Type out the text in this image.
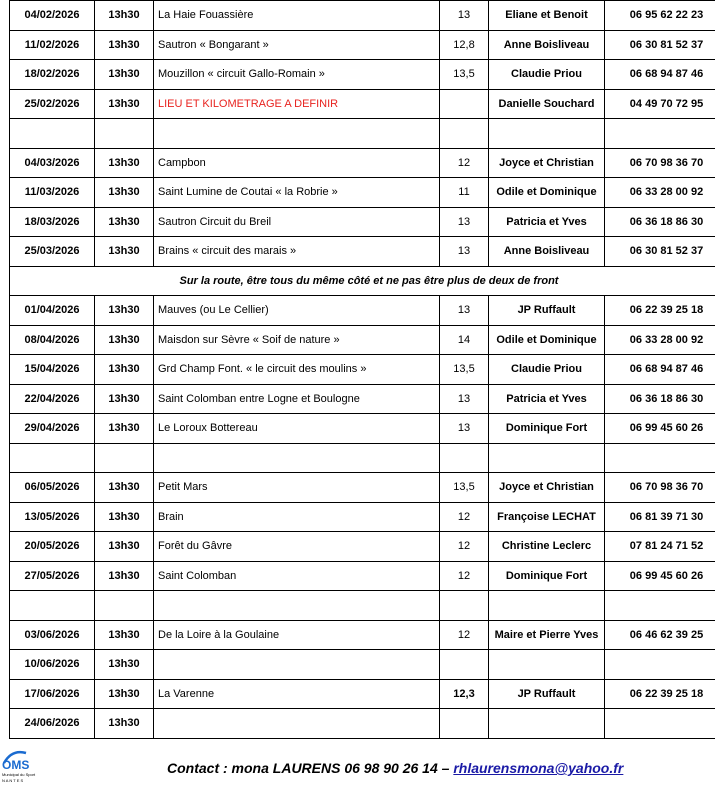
04/02/2026	13h30	La Haie Fouassière	13	Eliane et Benoit	06 95 62 22 23
11/02/2026	13h30	Sautron « Bongarant »	12,8	Anne Boisliveau	06 30 81 52 37
18/02/2026	13h30	Mouzillon « circuit Gallo-Romain »	13,5	Claudie Priou	06 68 94 87 46
25/02/2026	13h30	LIEU ET KILOMETRAGE A DEFINIR		Danielle Souchard	04 49 70 72 95

04/03/2026	13h30	Campbon	12	Joyce et Christian	06 70 98 36 70
11/03/2026	13h30	Saint Lumine de Coutai « la Robrie »	11	Odile et Dominique	06 33 28 00 92
18/03/2026	13h30	Sautron Circuit du Breil	13	Patricia et Yves	06 36 18 86 30
25/03/2026	13h30	Brains « circuit des marais »	13	Anne Boisliveau	06 30 81 52 37
Sur la route, être tous du même côté et ne pas être plus de deux de front					
01/04/2026	13h30	Mauves (ou Le Cellier)	13	JP Ruffault	06 22 39 25 18
08/04/2026	13h30	Maisdon sur Sèvre « Soif de nature »	14	Odile et Dominique	06 33 28 00 92
15/04/2026	13h30	Grd Champ Font. « le circuit des moulins »	13,5	Claudie Priou	06 68 94 87 46
22/04/2026	13h30	Saint Colomban entre Logne et Boulogne	13	Patricia et Yves	06 36 18 86 30
29/04/2026	13h30	Le Loroux Bottereau	13	Dominique Fort	06 99 45 60 26

06/05/2026	13h30	Petit Mars	13,5	Joyce et Christian	06 70 98 36 70
13/05/2026	13h30	Brain	12	Françoise LECHAT	06 81 39 71 30
20/05/2026	13h30	Forêt du Gâvre	12	Christine Leclerc	07 81 24 71 52
27/05/2026	13h30	Saint Colomban	12	Dominique Fort	06 99 45 60 26

03/06/2026	13h30	De la Loire à la Goulaine	12	Maire et Pierre Yves	06 46 62 39 25
10/06/2026	13h30				
17/06/2026	13h30	La Varenne	12,3	JP Ruffault	06 22 39 25 18
24/06/2026	13h30				
OMS
Municipal du Sport
N A N T E S
Contact : mona LAURENS 06 98 90 26 14 – rhlaurensmona@yahoo.fr
